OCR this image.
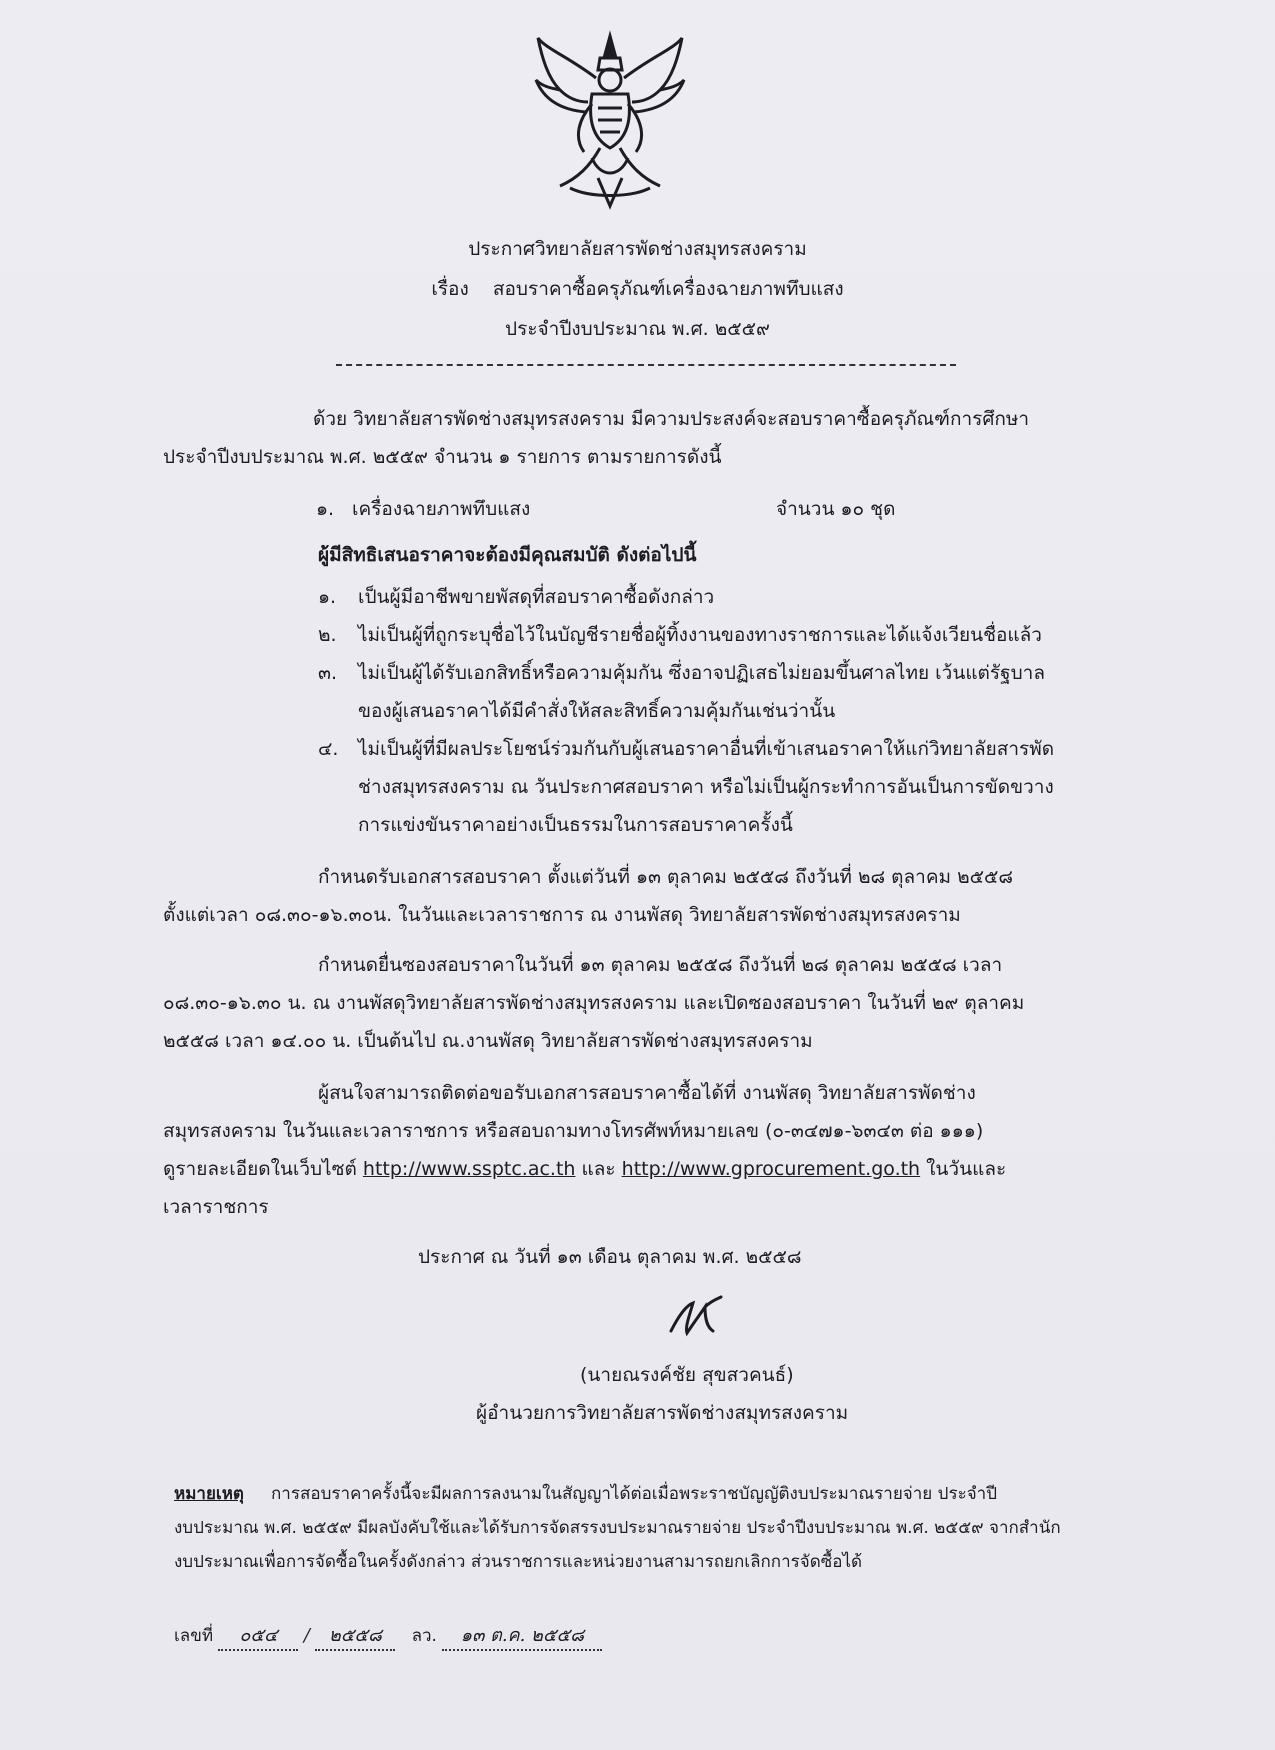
ประกาศวิทยาลัยสารพัดช่างสมุทรสงคราม
เรื่อง สอบราคาซื้อครุภัณฑ์เครื่องฉายภาพทึบแสง
ประจำปีงบประมาณ พ.ศ. ๒๕๕๙
ด้วย วิทยาลัยสารพัดช่างสมุทรสงคราม มีความประสงค์จะสอบราคาซื้อครุภัณฑ์การศึกษา
ประจำปีงบประมาณ พ.ศ. ๒๕๕๙ จำนวน ๑ รายการ ตามรายการดังนี้
๑. เครื่องฉายภาพทึบแสง	จำนวน ๑๐ ชุด
ผู้มีสิทธิเสนอราคาจะต้องมีคุณสมบัติ ดังต่อไปนี้
๑. เป็นผู้มีอาชีพขายพัสดุที่สอบราคาซื้อดังกล่าว
๒. ไม่เป็นผู้ที่ถูกระบุชื่อไว้ในบัญชีรายชื่อผู้ทิ้งงานของทางราชการและได้แจ้งเวียนชื่อแล้ว
๓. ไม่เป็นผู้ได้รับเอกสิทธิ์หรือความคุ้มกัน ซึ่งอาจปฏิเสธไม่ยอมขึ้นศาลไทย เว้นแต่รัฐบาล
ของผู้เสนอราคาได้มีคำสั่งให้สละสิทธิ์ความคุ้มกันเช่นว่านั้น
๔. ไม่เป็นผู้ที่มีผลประโยชน์ร่วมกันกับผู้เสนอราคาอื่นที่เข้าเสนอราคาให้แก่วิทยาลัยสารพัด
ช่างสมุทรสงคราม ณ วันประกาศสอบราคา หรือไม่เป็นผู้กระทำการอันเป็นการขัดขวาง
การแข่งขันราคาอย่างเป็นธรรมในการสอบราคาครั้งนี้
กำหนดรับเอกสารสอบราคา ตั้งแต่วันที่ ๑๓ ตุลาคม ๒๕๕๘ ถึงวันที่ ๒๘ ตุลาคม ๒๕๕๘
ตั้งแต่เวลา ๐๘.๓๐-๑๖.๓๐น. ในวันและเวลาราชการ ณ งานพัสดุ วิทยาลัยสารพัดช่างสมุทรสงคราม
กำหนดยื่นซองสอบราคาในวันที่ ๑๓ ตุลาคม ๒๕๕๘ ถึงวันที่ ๒๘ ตุลาคม ๒๕๕๘ เวลา
๐๘.๓๐-๑๖.๓๐ น. ณ งานพัสดุวิทยาลัยสารพัดช่างสมุทรสงคราม และเปิดซองสอบราคา ในวันที่ ๒๙ ตุลาคม
๒๕๕๘ เวลา ๑๔.๐๐ น. เป็นต้นไป ณ.งานพัสดุ วิทยาลัยสารพัดช่างสมุทรสงคราม
ผู้สนใจสามารถติดต่อขอรับเอกสารสอบราคาซื้อได้ที่ งานพัสดุ วิทยาลัยสารพัดช่าง
สมุทรสงคราม ในวันและเวลาราชการ หรือสอบถามทางโทรศัพท์หมายเลข (๐-๓๔๗๑-๖๓๔๓ ต่อ ๑๑๑)
ดูรายละเอียดในเว็บไซต์ http://www.ssptc.ac.th และ http://www.gprocurement.go.th ในวันและ
เวลาราชการ
ประกาศ ณ วันที่ ๑๓ เดือน ตุลาคม พ.ศ. ๒๕๕๘
(นายณรงค์ชัย สุขสวคนธ์)
ผู้อำนวยการวิทยาลัยสารพัดช่างสมุทรสงคราม
หมายเหตุ การสอบราคาครั้งนี้จะมีผลการลงนามในสัญญาได้ต่อเมื่อพระราชบัญญัติงบประมาณรายจ่าย ประจำปี
งบประมาณ พ.ศ. ๒๕๕๙ มีผลบังคับใช้และได้รับการจัดสรรงบประมาณรายจ่าย ประจำปีงบประมาณ พ.ศ. ๒๕๕๙ จากสำนัก
งบประมาณเพื่อการจัดซื้อในครั้งดังกล่าว ส่วนราชการและหน่วยงานสามารถยกเลิกการจัดซื้อได้
เลขที่ ๐๕๔ / ๒๕๕๘ ลว. ๑๓ ต.ค. ๒๕๕๘
